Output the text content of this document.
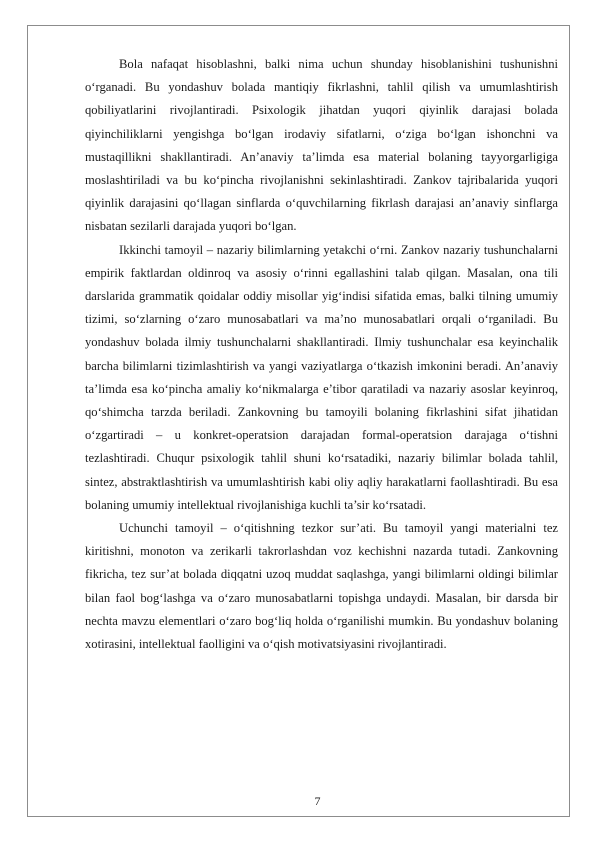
Bola nafaqat hisoblashni, balki nima uchun shunday hisoblanishini tushunishni o‘rganadi. Bu yondashuv bolada mantiqiy fikrlashni, tahlil qilish va umumlashtirish qobiliyatlarini rivojlantiradi. Psixologik jihatdan yuqori qiyinlik darajasi bolada qiyinchiliklarni yengishga bo‘lgan irodaviy sifatlarni, o‘ziga bo‘lgan ishonchni va mustaqillikni shakllantiradi. An’anaviy ta’limda esa material bolaning tayyorgarligiga moslashtiriladi va bu ko‘pincha rivojlanishni sekinlashtiradi. Zankov tajribalarida yuqori qiyinlik darajasini qo‘llagan sinflarda o‘quvchilarning fikrlash darajasi an’anaviy sinflarga nisbatan sezilarli darajada yuqori bo‘lgan.

Ikkinchi tamoyil – nazariy bilimlarning yetakchi o‘rni. Zankov nazariy tushunchalarni empirik faktlardan oldinroq va asosiy o‘rinni egallashini talab qilgan. Masalan, ona tili darslarida grammatik qoidalar oddiy misollar yig‘indisi sifatida emas, balki tilning umumiy tizimi, so‘zlarning o‘zaro munosabatlari va ma’no munosabatlari orqali o‘rganiladi. Bu yondashuv bolada ilmiy tushunchalarni shakllantiradi. Ilmiy tushunchalar esa keyinchalik barcha bilimlarni tizimlashtirish va yangi vaziyatlarga o‘tkazish imkonini beradi. An’anaviy ta’limda esa ko‘pincha amaliy ko‘nikmalarga e’tibor qaratiladi va nazariy asoslar keyinroq, qo‘shimcha tarzda beriladi. Zankovning bu tamoyili bolaning fikrlashini sifat jihatidan o‘zgartiradi – u konkret-operatsion darajadan formal-operatsion darajaga o‘tishni tezlashtiradi. Chuqur psixologik tahlil shuni ko‘rsatadiki, nazariy bilimlar bolada tahlil, sintez, abstraktlashtirish va umumlashtirish kabi oliy aqliy harakatlarni faollashtiradi. Bu esa bolaning umumiy intellektual rivojlanishiga kuchli ta’sir ko‘rsatadi.

Uchunchi tamoyil – o‘qitishning tezkor sur’ati. Bu tamoyil yangi materialni tez kiritishni, monoton va zerikarli takrorlashdan voz kechishni nazarda tutadi. Zankovning fikricha, tez sur’at bolada diqqatni uzoq muddat saqlashga, yangi bilimlarni oldingi bilimlar bilan faol bog‘lashga va o‘zaro munosabatlarni topishga undaydi. Masalan, bir darsda bir nechta mavzu elementlari o‘zaro bog‘liq holda o‘rganilishi mumkin. Bu yondashuv bolaning xotirasini, intellektual faolligini va o‘qish motivatsiyasini rivojlantiradi.

7
